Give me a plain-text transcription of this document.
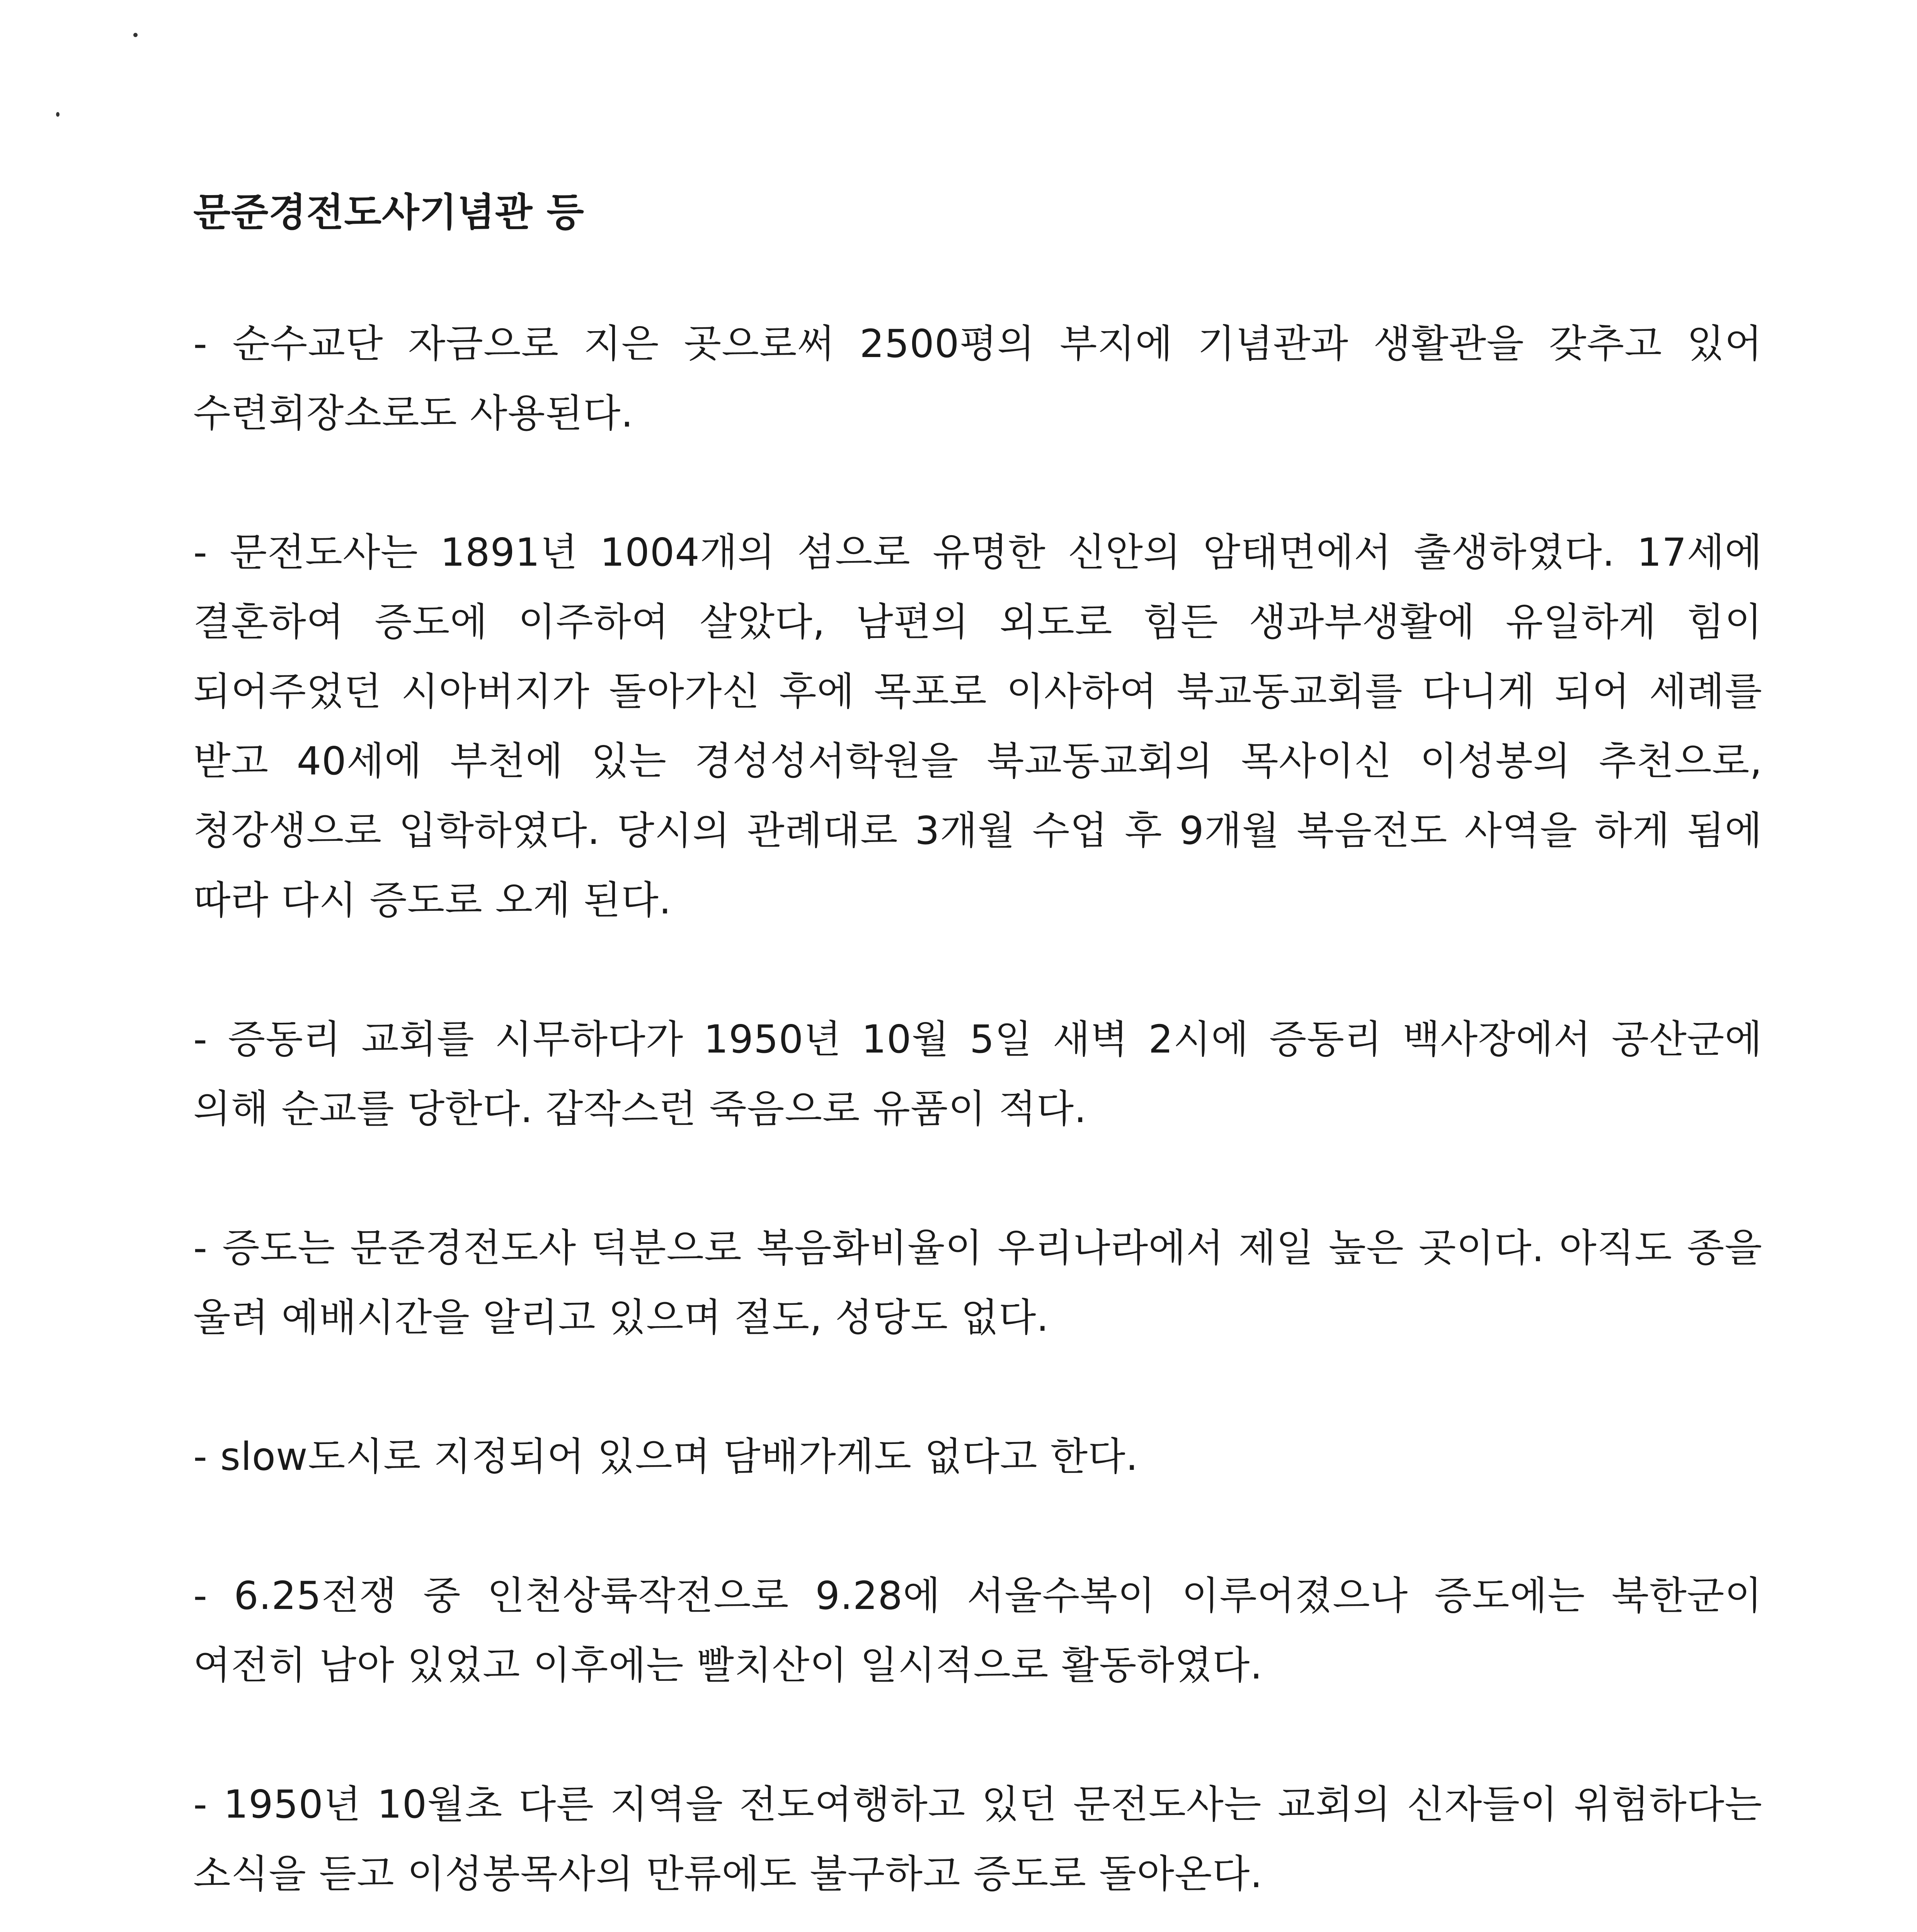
문준경전도사기념관 등

- 순수교단 자금으로 지은 곳으로써 2500평의 부지에 기념관과 생활관을 갖추고 있어 수련회장소로도 사용된다.

- 문전도사는 1891년 1004개의 섬으로 유명한 신안의 암태면에서 출생하였다. 17세에 결혼하여 증도에 이주하여 살았다, 남편의 외도로 힘든 생과부생활에 유일하게 힘이 되어주었던 시아버지가 돌아가신 후에 목포로 이사하여 북교동교회를 다니게 되어 세례를 받고 40세에 부천에 있는 경성성서학원을 북교동교회의 목사이신 이성봉의 추천으로, 청강생으로 입학하였다. 당시의 관례대로 3개월 수업 후 9개월 복음전도 사역을 하게 됨에 따라 다시 증도로 오게 된다.

- 증동리 교회를 시무하다가 1950년 10월 5일 새벽 2시에 증동리 백사장에서 공산군에 의해 순교를 당한다. 갑작스런 죽음으로 유품이 적다.

- 증도는 문준경전도사 덕분으로 복음화비율이 우리나라에서 제일 높은 곳이다. 아직도 종을 울려 예배시간을 알리고 있으며 절도, 성당도 없다.

- slow도시로 지정되어 있으며 담배가게도 없다고 한다.

- 6.25전쟁 중 인천상륙작전으로 9.28에 서울수복이 이루어졌으나 증도에는 북한군이 여전히 남아 있었고 이후에는 빨치산이 일시적으로 활동하였다.

- 1950년 10월초 다른 지역을 전도여행하고 있던 문전도사는 교회의 신자들이 위험하다는 소식을 듣고 이성봉목사의 만류에도 불구하고 증도로 돌아온다.
